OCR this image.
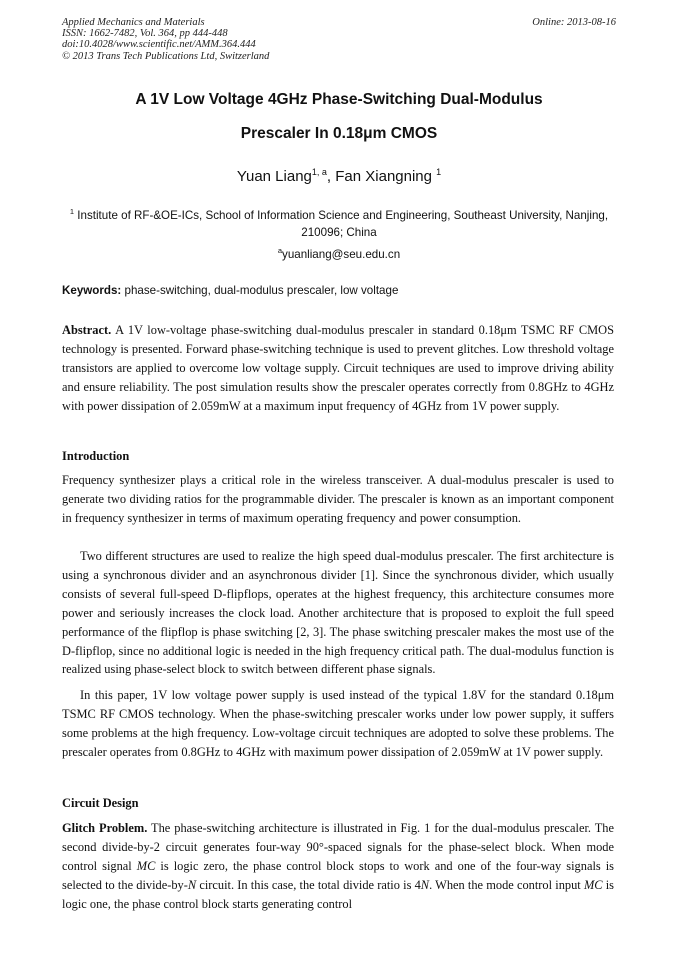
Applied Mechanics and Materials
ISSN: 1662-7482, Vol. 364, pp 444-448
doi:10.4028/www.scientific.net/AMM.364.444
© 2013 Trans Tech Publications Ltd, Switzerland
Online: 2013-08-16
A 1V Low Voltage 4GHz Phase-Switching Dual-Modulus
Prescaler In 0.18μm CMOS
Yuan Liang$^{1, a}$, Fan Xiangning $^1$
$^1$ Institute of RF-&OE-ICs, School of Information Science and Engineering, Southeast University, Nanjing, 210096; China
$^a$yuanliang@seu.edu.cn
Keywords: phase-switching, dual-modulus prescaler, low voltage
Abstract. A 1V low-voltage phase-switching dual-modulus prescaler in standard 0.18μm TSMC RF CMOS technology is presented. Forward phase-switching technique is used to prevent glitches. Low threshold voltage transistors are applied to overcome low voltage supply. Circuit techniques are used to improve driving ability and ensure reliability. The post simulation results show the prescaler operates correctly from 0.8GHz to 4GHz with power dissipation of 2.059mW at a maximum input frequency of 4GHz from 1V power supply.
Introduction
Frequency synthesizer plays a critical role in the wireless transceiver. A dual-modulus prescaler is used to generate two dividing ratios for the programmable divider. The prescaler is known as an important component in frequency synthesizer in terms of maximum operating frequency and power consumption.
Two different structures are used to realize the high speed dual-modulus prescaler. The first architecture is using a synchronous divider and an asynchronous divider [1]. Since the synchronous divider, which usually consists of several full-speed D-flipflops, operates at the highest frequency, this architecture consumes more power and seriously increases the clock load. Another architecture that is proposed to exploit the full speed performance of the flipflop is phase switching [2, 3]. The phase switching prescaler makes the most use of the D-flipflop, since no additional logic is needed in the high frequency critical path. The dual-modulus function is realized using phase-select block to switch between different phase signals.
In this paper, 1V low voltage power supply is used instead of the typical 1.8V for the standard 0.18μm TSMC RF CMOS technology. When the phase-switching prescaler works under low power supply, it suffers some problems at the high frequency. Low-voltage circuit techniques are adopted to solve these problems. The prescaler operates from 0.8GHz to 4GHz with maximum power dissipation of 2.059mW at 1V power supply.
Circuit Design
Glitch Problem. The phase-switching architecture is illustrated in Fig. 1 for the dual-modulus prescaler. The second divide-by-2 circuit generates four-way 90°-spaced signals for the phase-select block. When mode control signal MC is logic zero, the phase control block stops to work and one of the four-way signals is selected to the divide-by-N circuit. In this case, the total divide ratio is 4N. When the mode control input MC is logic one, the phase control block starts generating control
